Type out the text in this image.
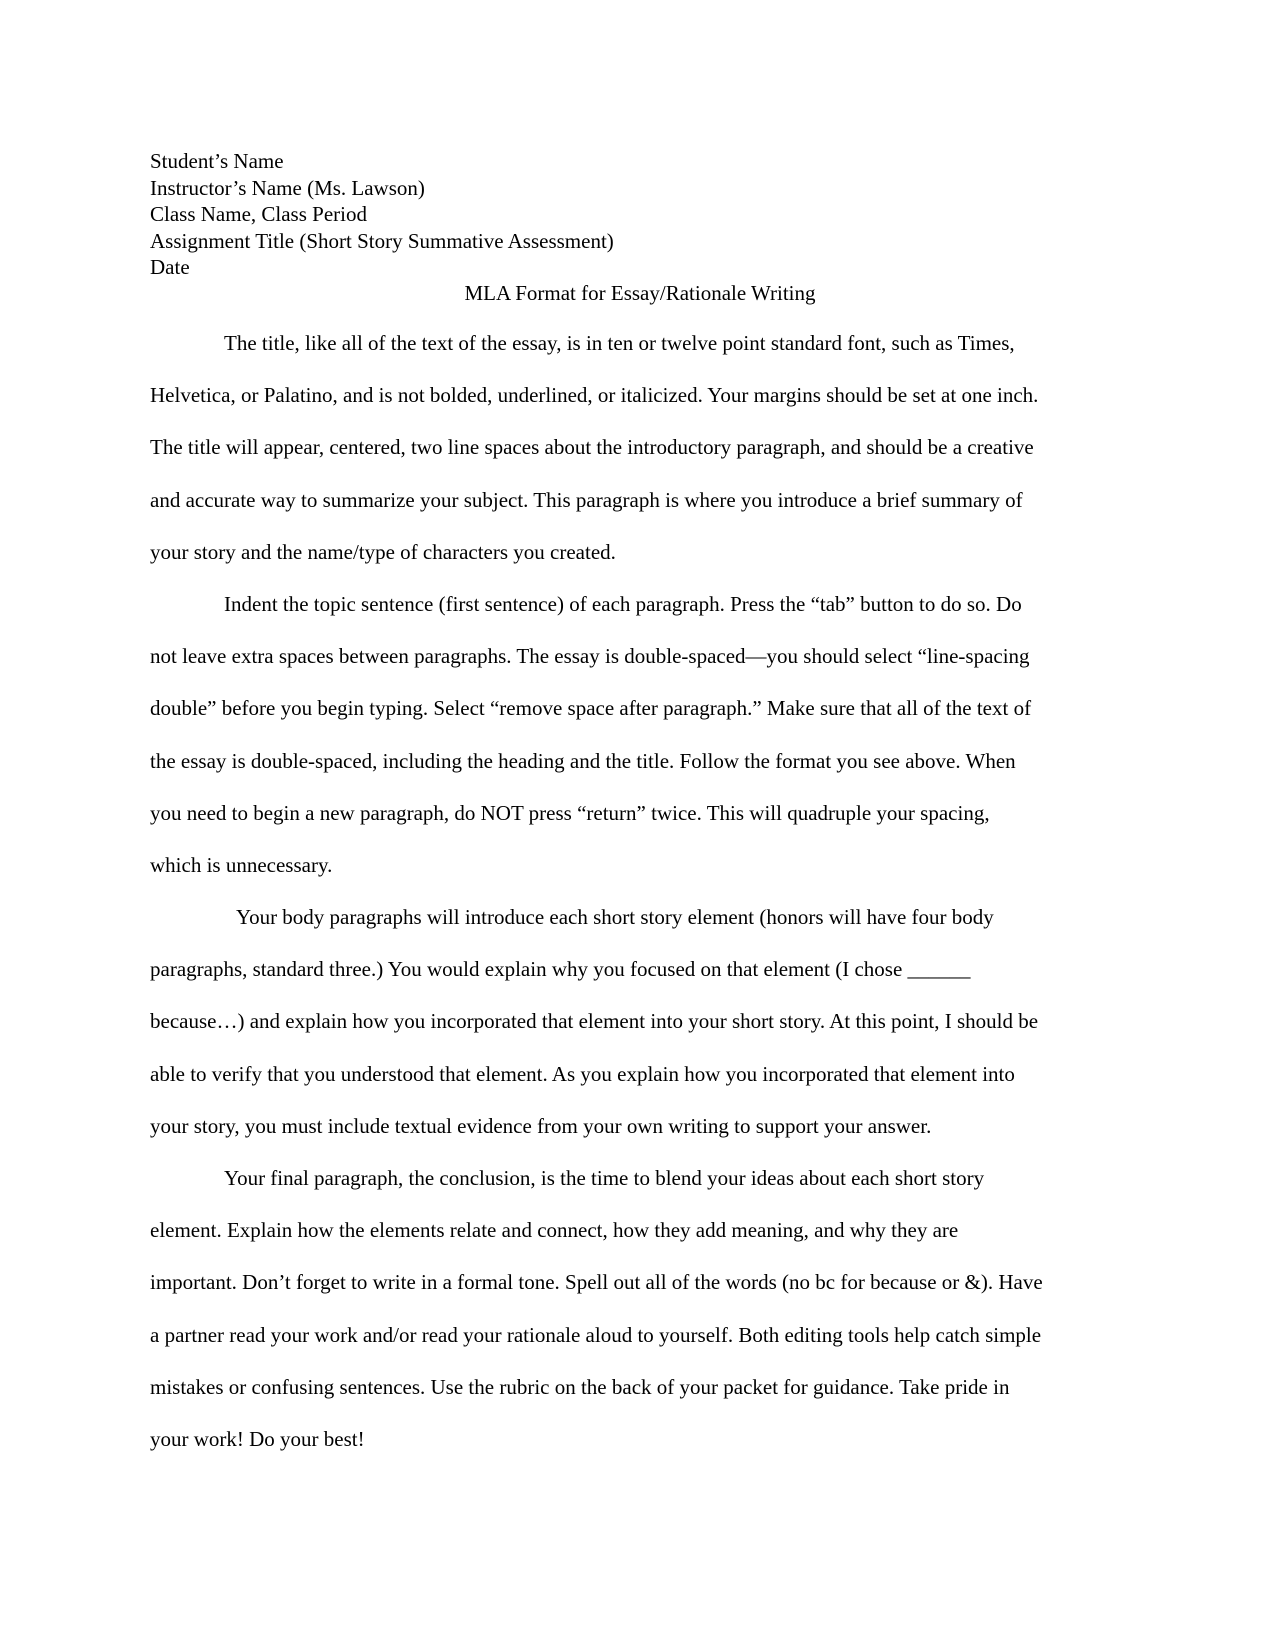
Student’s Name
Instructor’s Name (Ms. Lawson)
Class Name, Class Period
Assignment Title (Short Story Summative Assessment)
Date
MLA Format for Essay/Rationale Writing
The title, like all of the text of the essay, is in ten or twelve point standard font, such as Times,
Helvetica, or Palatino, and is not bolded, underlined, or italicized. Your margins should be set at one inch.
The title will appear, centered, two line spaces about the introductory paragraph, and should be a creative
and accurate way to summarize your subject. This paragraph is where you introduce a brief summary of
your story and the name/type of characters you created.
Indent the topic sentence (first sentence) of each paragraph. Press the “tab” button to do so. Do
not leave extra spaces between paragraphs. The essay is double-spaced—you should select “line-spacing
double” before you begin typing. Select “remove space after paragraph.” Make sure that all of the text of
the essay is double-spaced, including the heading and the title. Follow the format you see above. When
you need to begin a new paragraph, do NOT press “return” twice. This will quadruple your spacing,
which is unnecessary.
Your body paragraphs will introduce each short story element (honors will have four body
paragraphs, standard three.) You would explain why you focused on that element (I chose ______
because…) and explain how you incorporated that element into your short story. At this point, I should be
able to verify that you understood that element. As you explain how you incorporated that element into
your story, you must include textual evidence from your own writing to support your answer.
Your final paragraph, the conclusion, is the time to blend your ideas about each short story
element. Explain how the elements relate and connect, how they add meaning, and why they are
important. Don’t forget to write in a formal tone. Spell out all of the words (no bc for because or &). Have
a partner read your work and/or read your rationale aloud to yourself. Both editing tools help catch simple
mistakes or confusing sentences. Use the rubric on the back of your packet for guidance. Take pride in
your work! Do your best!
